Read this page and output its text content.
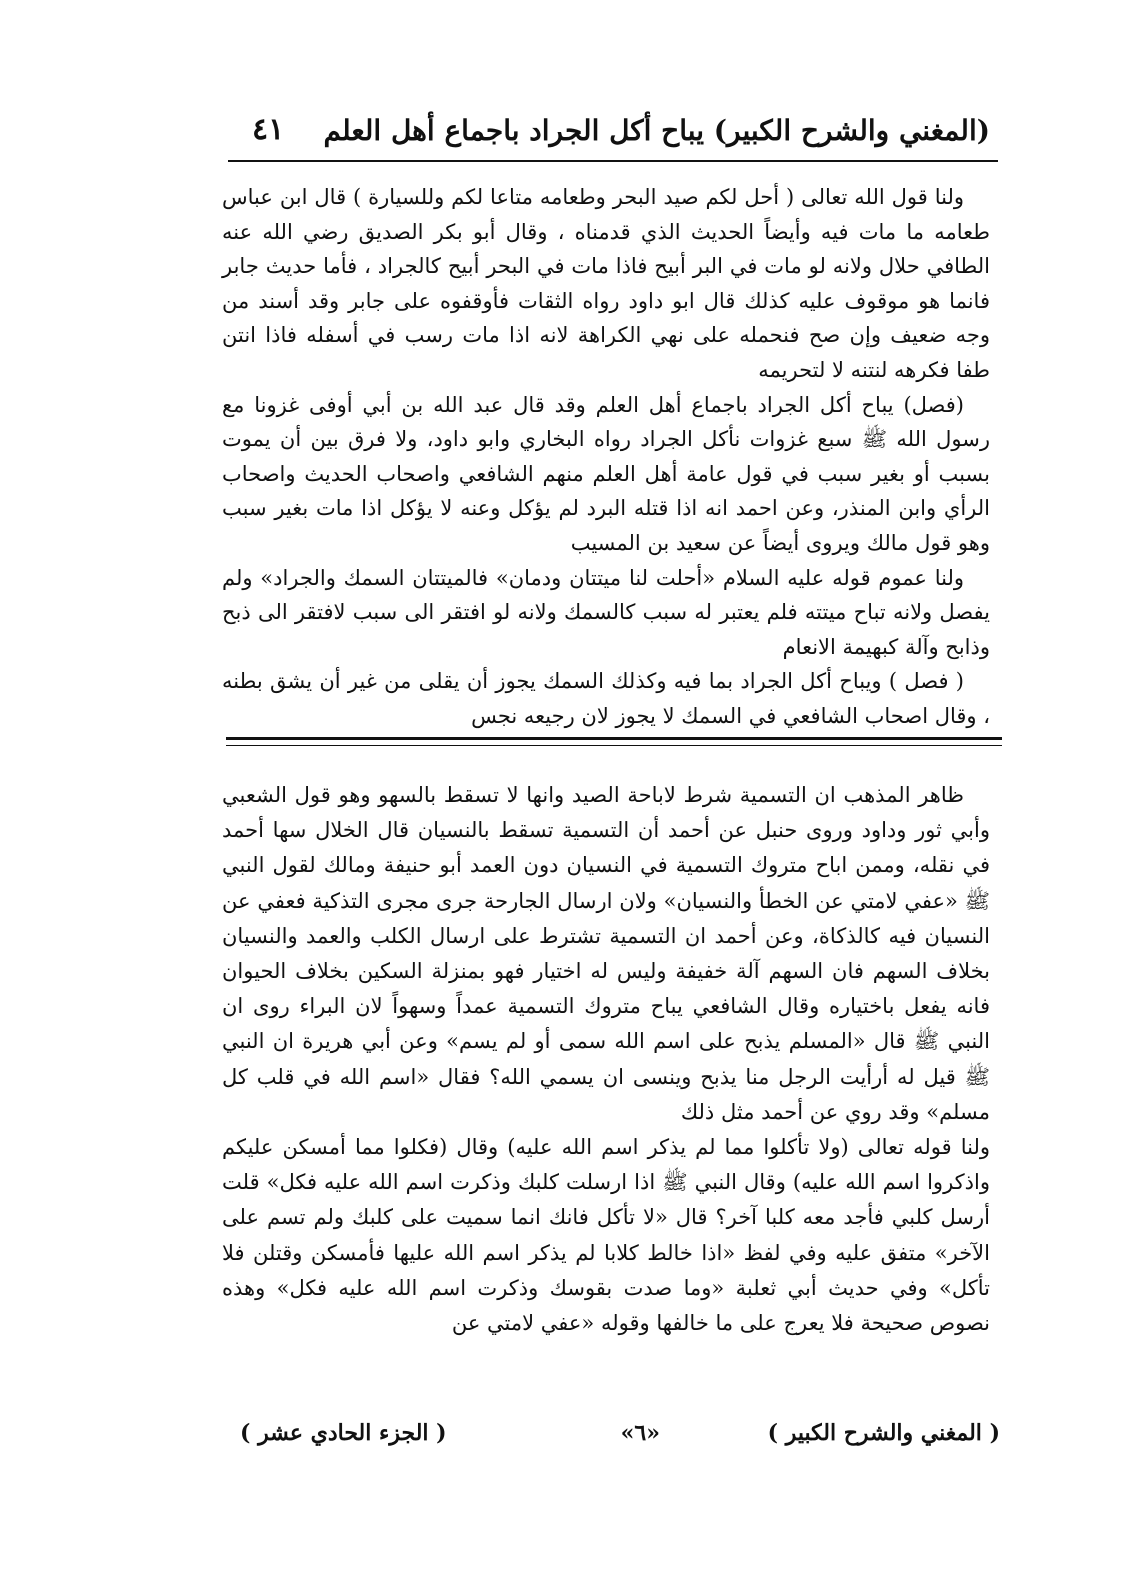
(المغني والشرح الكبير) يباح أكل الجراد باجماع أهل العلم
٤١

ولنا قول الله تعالى ( أحل لكم صيد البحر وطعامه متاعا لكم وللسيارة ) قال ابن عباس طعامه ما مات فيه وأيضاً الحديث الذي قدمناه ، وقال أبو بكر الصديق رضي الله عنه الطافي حلال ولانه لو مات في البر أبيح فاذا مات في البحر أبيح كالجراد ، فأما حديث جابر فانما هو موقوف عليه كذلك قال ابو داود رواه الثقات فأوقفوه على جابر وقد أسند من وجه ضعيف وإن صح فنحمله على نهي الكراهة لانه اذا مات رسب في أسفله فاذا انتن طفا فكرهه لنتنه لا لتحريمه

(فصل) يباح أكل الجراد باجماع أهل العلم وقد قال عبد الله بن أبي أوفى غزونا مع رسول الله ﷺ سبع غزوات نأكل الجراد رواه البخاري وابو داود، ولا فرق بين أن يموت بسبب أو بغير سبب في قول عامة أهل العلم منهم الشافعي واصحاب الحديث واصحاب الرأي وابن المنذر، وعن احمد انه اذا قتله البرد لم يؤكل وعنه لا يؤكل اذا مات بغير سبب وهو قول مالك ويروى أيضاً عن سعيد بن المسيب

ولنا عموم قوله عليه السلام «أحلت لنا ميتتان ودمان» فالميتتان السمك والجراد» ولم يفصل ولانه تباح ميتته فلم يعتبر له سبب كالسمك ولانه لو افتقر الى سبب لافتقر الى ذبح وذابح وآلة كبهيمة الانعام

( فصل ) ويباح أكل الجراد بما فيه وكذلك السمك يجوز أن يقلى من غير أن يشق بطنه ، وقال اصحاب الشافعي في السمك لا يجوز لان رجيعه نجس

ظاهر المذهب ان التسمية شرط لاباحة الصيد وانها لا تسقط بالسهو وهو قول الشعبي وأبي ثور وداود وروى حنبل عن أحمد أن التسمية تسقط بالنسيان قال الخلال سها أحمد في نقله، وممن اباح متروك التسمية في النسيان دون العمد أبو حنيفة ومالك لقول النبي ﷺ «عفي لامتي عن الخطأ والنسيان» ولان ارسال الجارحة جرى مجرى التذكية فعفي عن النسيان فيه كالذكاة، وعن أحمد ان التسمية تشترط على ارسال الكلب والعمد والنسيان بخلاف السهم فان السهم آلة خفيفة وليس له اختيار فهو بمنزلة السكين بخلاف الحيوان فانه يفعل باختياره وقال الشافعي يباح متروك التسمية عمداً وسهواً لان البراء روى ان النبي ﷺ قال «المسلم يذبح على اسم الله سمى أو لم يسم» وعن أبي هريرة ان النبي ﷺ قيل له أرأيت الرجل منا يذبح وينسى ان يسمي الله؟ فقال «اسم الله في قلب كل مسلم» وقد روي عن أحمد مثل ذلك

ولنا قوله تعالى (ولا تأكلوا مما لم يذكر اسم الله عليه) وقال (فكلوا مما أمسكن عليكم واذكروا اسم الله عليه) وقال النبي ﷺ اذا ارسلت كلبك وذكرت اسم الله عليه فكل» قلت أرسل كلبي فأجد معه كلبا آخر؟ قال «لا تأكل فانك انما سميت على كلبك ولم تسم على الآخر» متفق عليه وفي لفظ «اذا خالط كلابا لم يذكر اسم الله عليها فأمسكن وقتلن فلا تأكل» وفي حديث أبي ثعلبة «وما صدت بقوسك وذكرت اسم الله عليه فكل» وهذه نصوص صحيحة فلا يعرج على ما خالفها وقوله «عفي لامتي عن

( المغني والشرح الكبير )
«٦»
( الجزء الحادي عشر )
